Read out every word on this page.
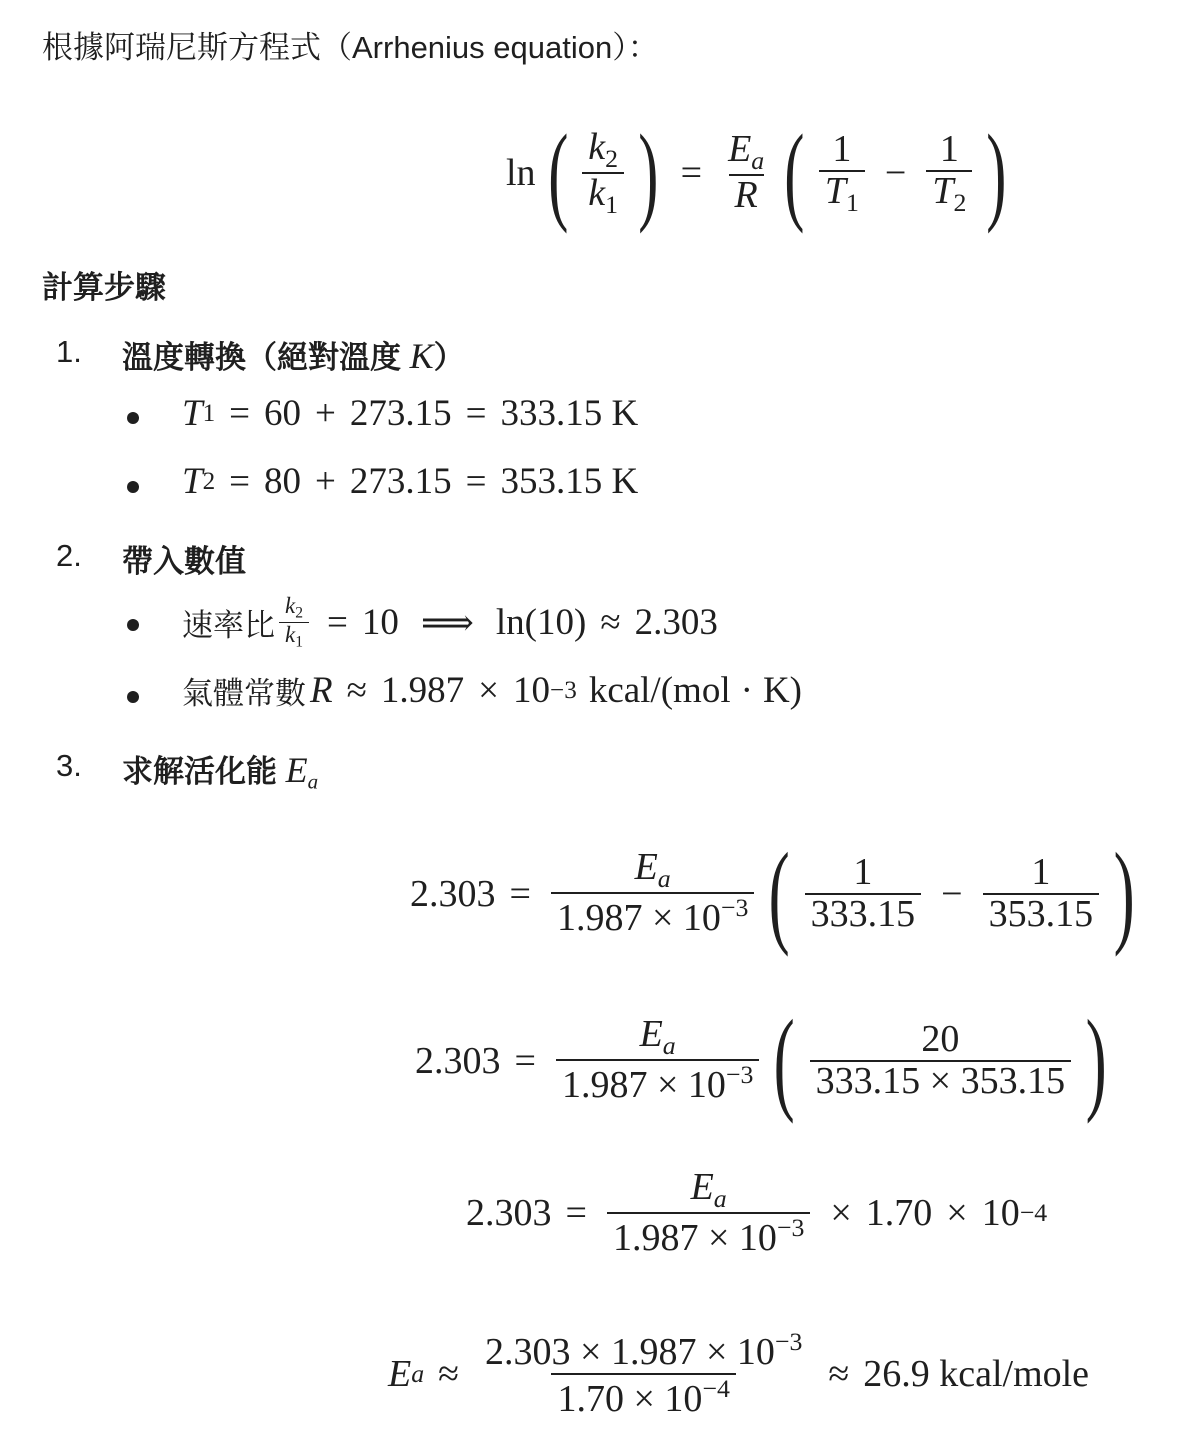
根據阿瑞尼斯方程式（Arrhenius equation）：
ln ( $\frac{k_2}{k_1}$ ) = $\frac{E_a}{R}$ ( $\frac{1}{T_1} - \frac{1}{T_2}$ )
計算步驟
1. 溫度轉換（絕對溫度 K）
T 1 = 60 + 273.15 = 333.15 K
T 2 = 80 + 273.15 = 353.15 K
2. 帶入數值
速率比 $\frac{k_2}{k_1} = 10$ ⟹ ln(10) ≈ 2.303
氣體常數 R ≈ 1.987 × 10 −3 kcal/(mol · K)
3. 求解活化能 $E_a$
$2.303 = \frac{E_a}{1.987 \times 10^{-3}}$ ( $\frac{1}{333.15} - \frac{1}{353.15}$ )
$2.303 = \frac{E_a}{1.987 \times 10^{-3}}$ ( $\frac{20}{333.15 \times 353.15}$ )
$2.303 = \frac{E_a}{1.987 \times 10^{-3}} \times 1.70 \times 10 -4$
E $a \approx \frac{2.303 \times 1.987 \times 10^{-3}}{1.70 \times 10^{-4}} \approx 26.9$ kcal/mole
